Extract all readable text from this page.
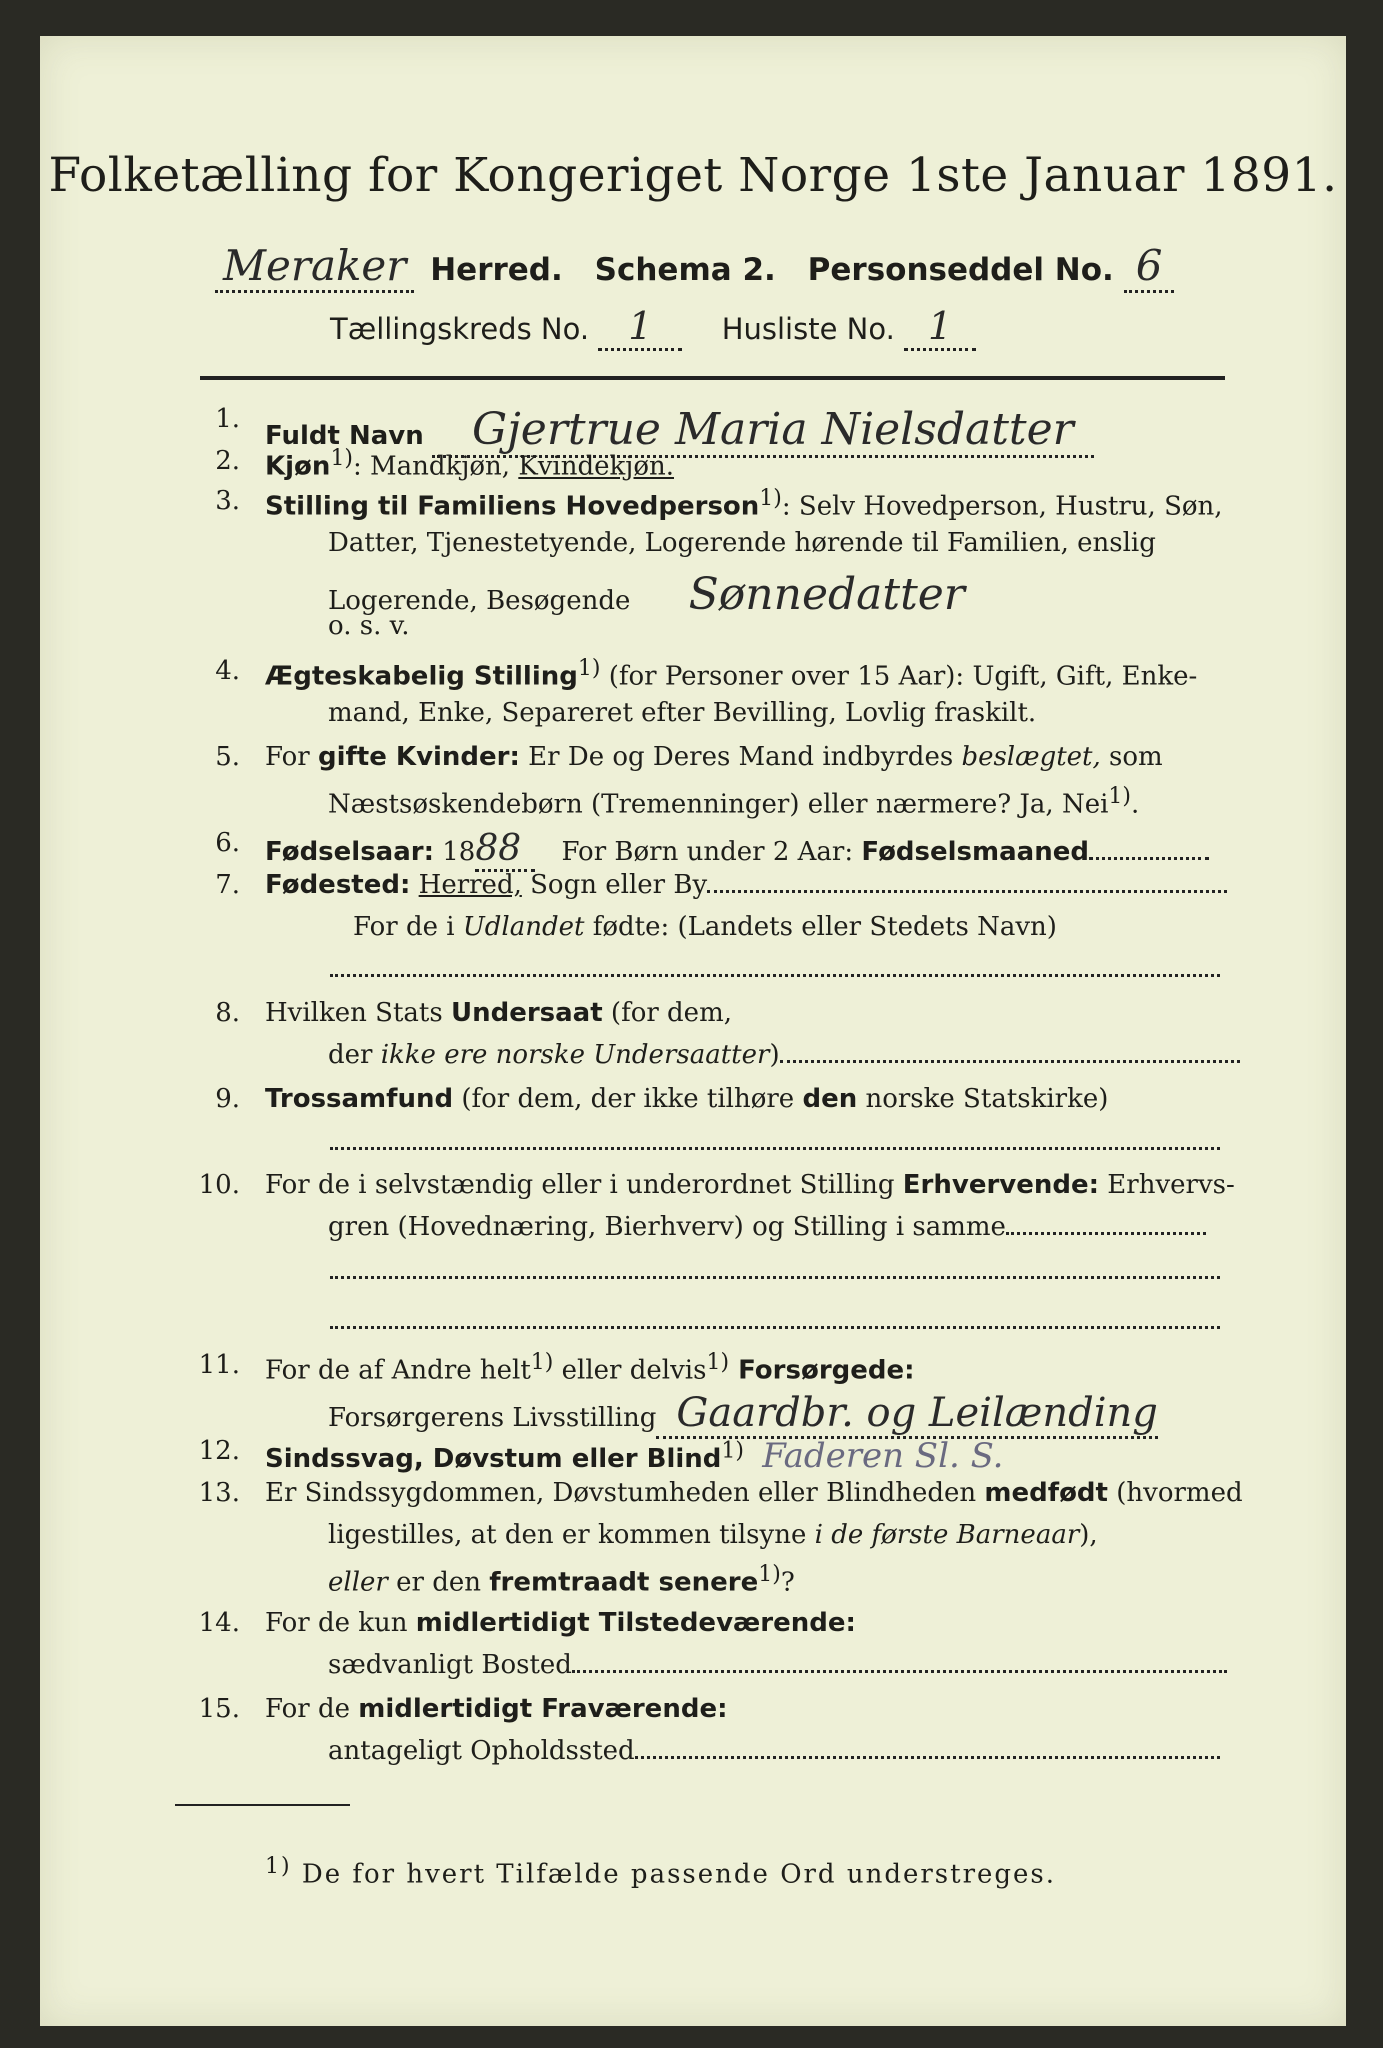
Folketælling for Kongeriget Norge 1ste Januar 1891.
Meraker Herred. Schema 2. Personseddel No. 6
Tællingskreds No. 1 Husliste No. 1
1.
Fuldt Navn Gjertrue Maria Nielsdatter
2. Kjøn$^{1)}$: Mandkjøn, Kvindekjøn.
3. Stilling til Familiens Hovedperson$^{1)}$: Selv Hovedperson, Hustru, Søn,
Datter, Tjenestetyende, Logerende hørende til Familien, enslig
Logerende, Besøgende Sønnedatter
o. s. v.
4. Ægteskabelig Stilling$^{1)}$ (for Personer over 15 Aar): Ugift, Gift, Enke-
mand, Enke, Separeret efter Bevilling, Lovlig fraskilt.
5. For gifte Kvinder: Er De og Deres Mand indbyrdes beslægtet, som
Næstsøskendebørn (Tremenninger) eller nærmere? Ja, Nei$^{1)}$.
6. Fødselsaar: 1888 For Børn under 2 Aar: Fødselsmaaned
7. Fødested: Herred, Sogn eller By
For de i Udlandet fødte: (Landets eller Stedets Navn)
8. Hvilken Stats Undersaat (for dem,
der ikke ere norske Undersaatter)
9. Trossamfund (for dem, der ikke tilhøre den norske Statskirke)
10. For de i selvstændig eller i underordnet Stilling Erhvervende: Erhvervs-
gren (Hovednæring, Bierhverv) og Stilling i samme
11. For de af Andre helt$^{1)}$ eller delvis$^{1)}$ Forsørgede:
Forsørgerens Livsstilling Gaardbr. og Leilænding
12. Sindssvag, Døvstum eller Blind$^{1)}$ Faderen Sl. S.
13. Er Sindssygdommen, Døvstumheden eller Blindheden medfødt (hvormed
ligestilles, at den er kommen tilsyne i de første Barneaar),
eller er den fremtraadt senere$^{1)}$?
14. For de kun midlertidigt Tilstedeværende:
sædvanligt Bosted
15. For de midlertidigt Fraværende:
antageligt Opholdssted
$^{1)}$ De for hvert Tilfælde passende Ord understreges.
